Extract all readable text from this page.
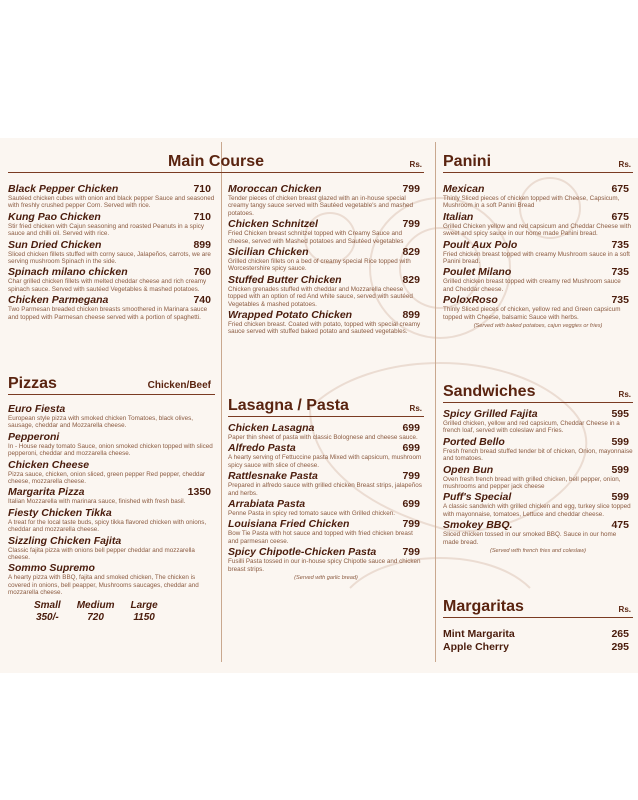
Main Course	Rs.
Black Pepper Chicken	710
Sautéed chicken cubes with onion and black pepper Sauce and seasoned with freshly crushed pepper Corn. Served with rice.
Kung Pao Chicken	710
Stir fried chicken with Cajun seasoning and roasted Peanuts in a spicy sauce and chilli oil. Served with rice.
Sun Dried Chicken	899
Sliced chicken fillets stuffed with corny sauce, Jalapeños, carrots, we are serving mushroom Spinach in the side.
Spinach milano chicken	760
Char grilled chicken fillets with melted cheddar cheese and rich creamy spinach sauce. Served with sautéed Vegetables & mashed potatoes.
Chicken Parmegana	740
Two Parmesan breaded chicken breasts smoothered in Marinara sauce and topped with Parmesan cheese served with a portion of spaghetti.
Pizzas	Chicken/Beef
Euro Fiesta
European style pizza with smoked chicken Tomatoes, black olives, sausage, cheddar and Mozzarella cheese.
Pepperoni
In - House ready tomato Sauce, onion smoked chicken topped with sliced pepperoni, cheddar and mozzarella cheese.
Chicken Cheese
Pizza sauce, chicken, onion sliced, green pepper Red pepper, cheddar cheese, mozzarella cheese.
Margarita Pizza	1350
Italian Mozzarella with marinara sauce, finished with fresh basil.
Fiesty Chicken Tikka
A treat for the local taste buds, spicy tikka flavored chicken with onions, cheddar and mozzarella cheese.
Sizzling Chicken Fajita
Classic fajita pizza with onions bell pepper cheddar and mozzarella cheese.
Sommo Supremo
A hearty pizza with BBQ, fajita and smoked chicken, The chicken is covered in onions, bell peapper, Mushrooms saucages, cheddar and mozzarella cheese.
Small
350/-
Medium
720
Large
1150
Moroccan Chicken	799
Tender pieces of chicken breast glazed with an in-house special creamy tangy sauce served with Sautéed vegetable's and mashed potatoes.
Chicken Schnitzel	799
Fried Chicken breast schnitzel topped with Creamy Sauce and cheese, served with Mashed potatoes and Sautéed vegetables
Sicilian Chicken	829
Grilled chicken fillets on a bed of creamy special Rice topped with Worcestershire spicy sauce.
Stuffed Butter Chicken	829
Chicken grenades stuffed with cheddar and Mozzarella cheese topped with an option of red And white sauce, served with sautéed Vegetables & mashed potatoes.
Wrapped Potato Chicken	899
Fried chicken breast. Coated with potato, topped with special creamy sauce served with stuffed baked potato and sauteed vegetables.
Lasagna / Pasta	Rs.
Chicken Lasagna	699
Paper thin sheet of pasta with classic Bolognese and cheese sauce.
Alfredo Pasta	699
A hearty serving of Fettuccine pasta Mixed with capsicum, mushroom spicy sauce with slice of cheese.
Rattlesnake Pasta	799
Prepared in alfredo sauce with grilled chicken Breast strips, jalapeños and herbs.
Arrabiata Pasta	699
Penne Pasta in spicy red tomato sauce with Grilled chicken.
Louisiana Fried Chicken	799
Bow Tie Pasta with hot sauce and topped with fried chicken breast and parmesan ceese.
Spicy Chipotle-Chicken Pasta	799
Fusilli Pasta tossed in our in-house spicy Chipotle sauce and chicken breast strips.
(Served with garlic bread)
Panini	Rs.
Mexican	675
Thinly Sliced pieces of chicken topped with Cheese, Capsicum, Mushroom in a soft Panini Bread
Italian	675
Grilled Chicken yellow and red capsicum and Cheddar Cheese with sweet and spicy sauce in our home made Panini bread.
Poult Aux Polo	735
Fried chicken breast topped with creamy Mushroom sauce in a soft Panini bread.
Poulet Milano	735
Grilled chicken breast topped with creamy red Mushroom sauce and Cheddar cheese.
PoloxRoso	735
Thinly Sliced pieces of chicken, yellow red and Green capsicum topped with Cheese, balsamic Sauce with herbs.
(Served with baked potatoes, cajun veggies or fries)
Sandwiches	Rs.
Spicy Grilled Fajita	595
Grilled chicken, yellow and red capsicum, Cheddar Cheese in a french loaf, served with coleslaw and Fries.
Ported Bello	599
Fresh french bread stuffed tender bit of chicken, Onion, mayonnaise and tomatoes.
Open Bun	599
Oven fresh french bread with grilled chicken, bell pepper, onion, mushrooms and pepper jack cheese
Puff's Special	599
A classic sandwich with grilled chicken and egg, turkey slice topped with mayonnaise, tomatoes, Lettuce and cheddar cheese.
Smokey BBQ.	475
Sliced chicken tossed in our smoked BBQ. Sauce in our home made bread.
(Served with french fries and coleslaw)
Margaritas	Rs.
Mint Margarita	265
Apple Cherry	295
